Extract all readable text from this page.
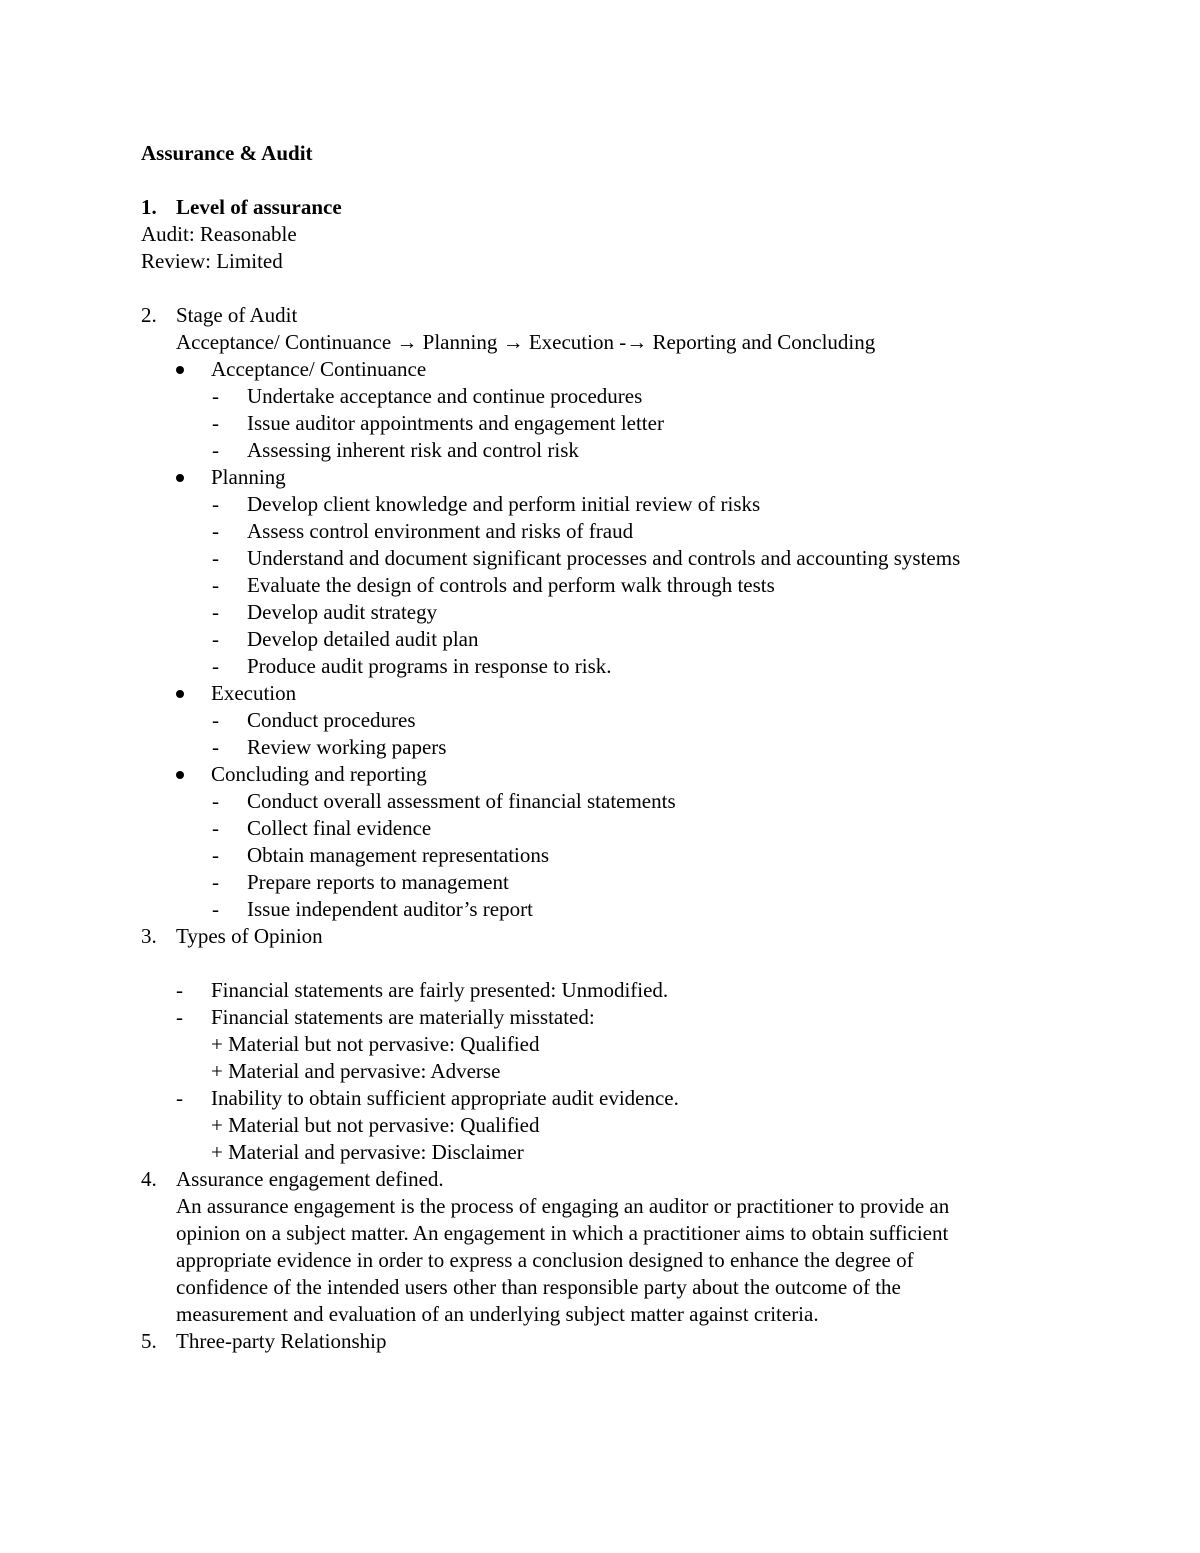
Assurance & Audit
1. Level of assurance
Audit: Reasonable
Review: Limited
2. Stage of Audit
Acceptance/ Continuance → Planning → Execution -→ Reporting and Concluding
Acceptance/ Continuance
- Undertake acceptance and continue procedures
- Issue auditor appointments and engagement letter
- Assessing inherent risk and control risk
Planning
- Develop client knowledge and perform initial review of risks
- Assess control environment and risks of fraud
- Understand and document significant processes and controls and accounting systems
- Evaluate the design of controls and perform walk through tests
- Develop audit strategy
- Develop detailed audit plan
- Produce audit programs in response to risk.
Execution
- Conduct procedures
- Review working papers
Concluding and reporting
- Conduct overall assessment of financial statements
- Collect final evidence
- Obtain management representations
- Prepare reports to management
- Issue independent auditor’s report
3. Types of Opinion
- Financial statements are fairly presented: Unmodified.
- Financial statements are materially misstated:
+ Material but not pervasive: Qualified
+ Material and pervasive: Adverse
- Inability to obtain sufficient appropriate audit evidence.
+ Material but not pervasive: Qualified
+ Material and pervasive: Disclaimer
4. Assurance engagement defined.
An assurance engagement is the process of engaging an auditor or practitioner to provide an
opinion on a subject matter. An engagement in which a practitioner aims to obtain sufficient
appropriate evidence in order to express a conclusion designed to enhance the degree of
confidence of the intended users other than responsible party about the outcome of the
measurement and evaluation of an underlying subject matter against criteria.
5. Three-party Relationship
